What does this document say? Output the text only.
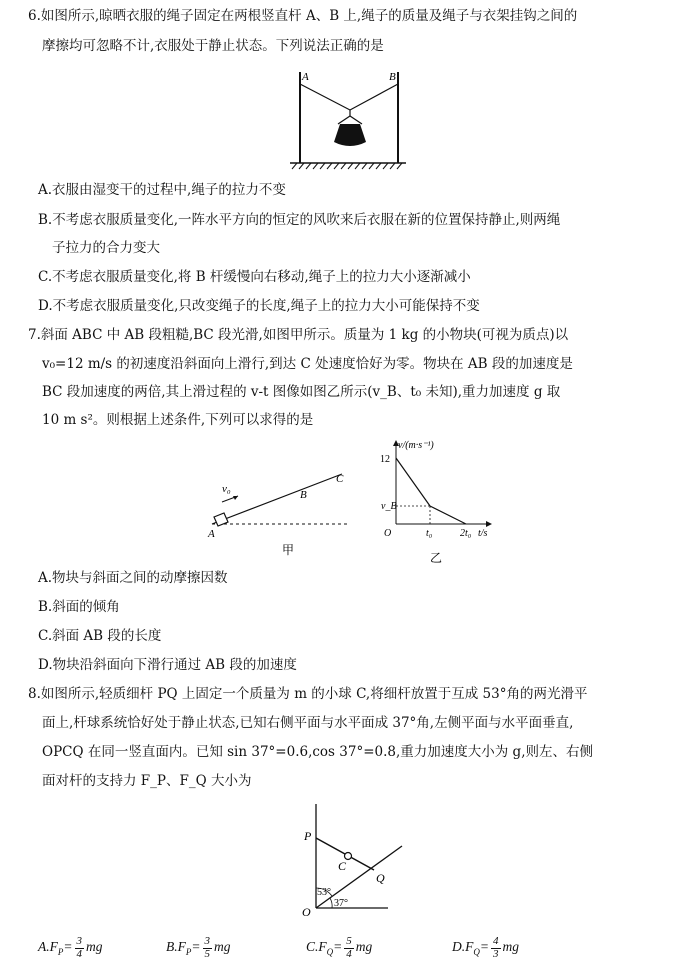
6.如图所示,晾晒衣服的绳子固定在两根竖直杆 A、B 上,绳子的质量及绳子与衣架挂钩之间的
摩擦均可忽略不计,衣服处于静止状态。下列说法正确的是
A	B
A.衣服由湿变干的过程中,绳子的拉力不变
B.不考虑衣服质量变化,一阵水平方向的恒定的风吹来后衣服在新的位置保持静止,则两绳
子拉力的合力变大
C.不考虑衣服质量变化,将 B 杆缓慢向右移动,绳子上的拉力大小逐渐减小
D.不考虑衣服质量变化,只改变绳子的长度,绳子上的拉力大小可能保持不变
7.斜面 ABC 中 AB 段粗糙,BC 段光滑,如图甲所示。质量为 1 kg 的小物块(可视为质点)以
v₀=12 m/s 的初速度沿斜面向上滑行,到达 C 处速度恰好为零。物块在 AB 段的加速度是
BC 段加速度的两倍,其上滑过程的 v-t 图像如图乙所示(v_B、t₀ 未知),重力加速度 g 取
10 m s²。则根据上述条件,下列可以求得的是
v₀
A
B
C
甲
v/(m·s⁻¹)
12
v_B
O	t₀	2t₀ t/s
乙
A.物块与斜面之间的动摩擦因数
B.斜面的倾角
C.斜面 AB 段的长度
D.物块沿斜面向下滑行通过 AB 段的加速度
8.如图所示,轻质细杆 PQ 上固定一个质量为 m 的小球 C,将细杆放置于互成 53°角的两光滑平
面上,杆球系统恰好处于静止状态,已知右侧平面与水平面成 37°角,左侧平面与水平面垂直,
OPCQ 在同一竖直面内。已知 sin 37°=0.6,cos 37°=0.8,重力加速度大小为 g,则左、右侧
面对杆的支持力 F_P、F_Q 大小为
P
C
Q
O
53°
37°
$A.F_P= \frac{3}{4}$ mg	$B.F_P= \frac{3}{5}$ mg	$C.F_Q= \frac{5}{4}$ mg	$D.F_Q= \frac{4}{3}$ mg
